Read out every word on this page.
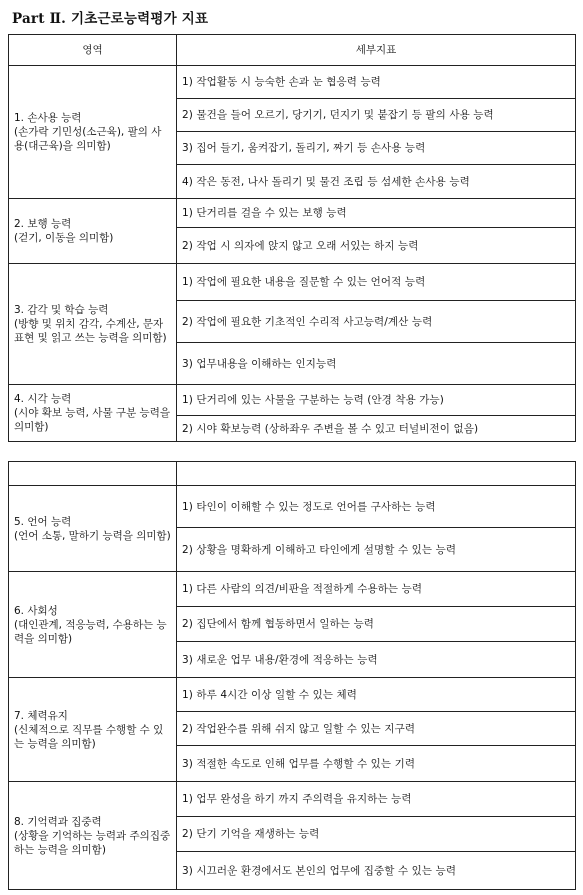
Part Ⅱ. 기초근로능력평가 지표
영역	세부지표

1. 손사용 능력
(손가락 기민성(소근육), 팔의 사용(대근육)을 의미함)	1) 작업활동 시 능숙한 손과 눈 협응력 능력
	2) 물건을 들어 오르기, 당기기, 던지기 및 붙잡기 등 팔의 사용 능력
	3) 집어 들기, 움켜잡기, 돌리기, 짜기 등 손사용 능력
	4) 작은 동전, 나사 돌리기 및 물건 조립 등 섬세한 손사용 능력

2. 보행 능력
(걷기, 이동을 의미함)	1) 단거리를 걸을 수 있는 보행 능력
	2) 작업 시 의자에 앉지 않고 오래 서있는 하지 능력

3. 감각 및 학습 능력
(방향 및 위치 감각, 수계산, 문자 표현 및 읽고 쓰는 능력을 의미함)	1) 작업에 필요한 내용을 질문할 수 있는 언어적 능력
	2) 작업에 필요한 기초적인 수리적 사고능력/계산 능력
	3) 업무내용을 이해하는 인지능력

4. 시각 능력
(시야 확보 능력, 사물 구분 능력을 의미함)	1) 단거리에 있는 사물을 구분하는 능력 (안경 착용 가능)
	2) 시야 확보능력 (상하좌우 주변을 볼 수 있고 터널비전이 없음)

5. 언어 능력
(언어 소통, 말하기 능력을 의미함)	1) 타인이 이해할 수 있는 정도로 언어를 구사하는 능력
	2) 상황을 명확하게 이해하고 타인에게 설명할 수 있는 능력

6. 사회성
(대인관계, 적응능력, 수용하는 능력을 의미함)	1) 다른 사람의 의견/비판을 적절하게 수용하는 능력
	2) 집단에서 함께 협동하면서 일하는 능력
	3) 새로운 업무 내용/환경에 적응하는 능력

7. 체력유지
(신체적으로 직무를 수행할 수 있는 능력을 의미함)	1) 하루 4시간 이상 일할 수 있는 체력
	2) 작업완수를 위해 쉬지 않고 일할 수 있는 지구력
	3) 적절한 속도로 인해 업무를 수행할 수 있는 기력

8. 기억력과 집중력
(상황을 기억하는 능력과 주의집중하는 능력을 의미함)	1) 업무 완성을 하기 까지 주의력을 유지하는 능력
	2) 단기 기억을 재생하는 능력
	3) 시끄러운 환경에서도 본인의 업무에 집중할 수 있는 능력
